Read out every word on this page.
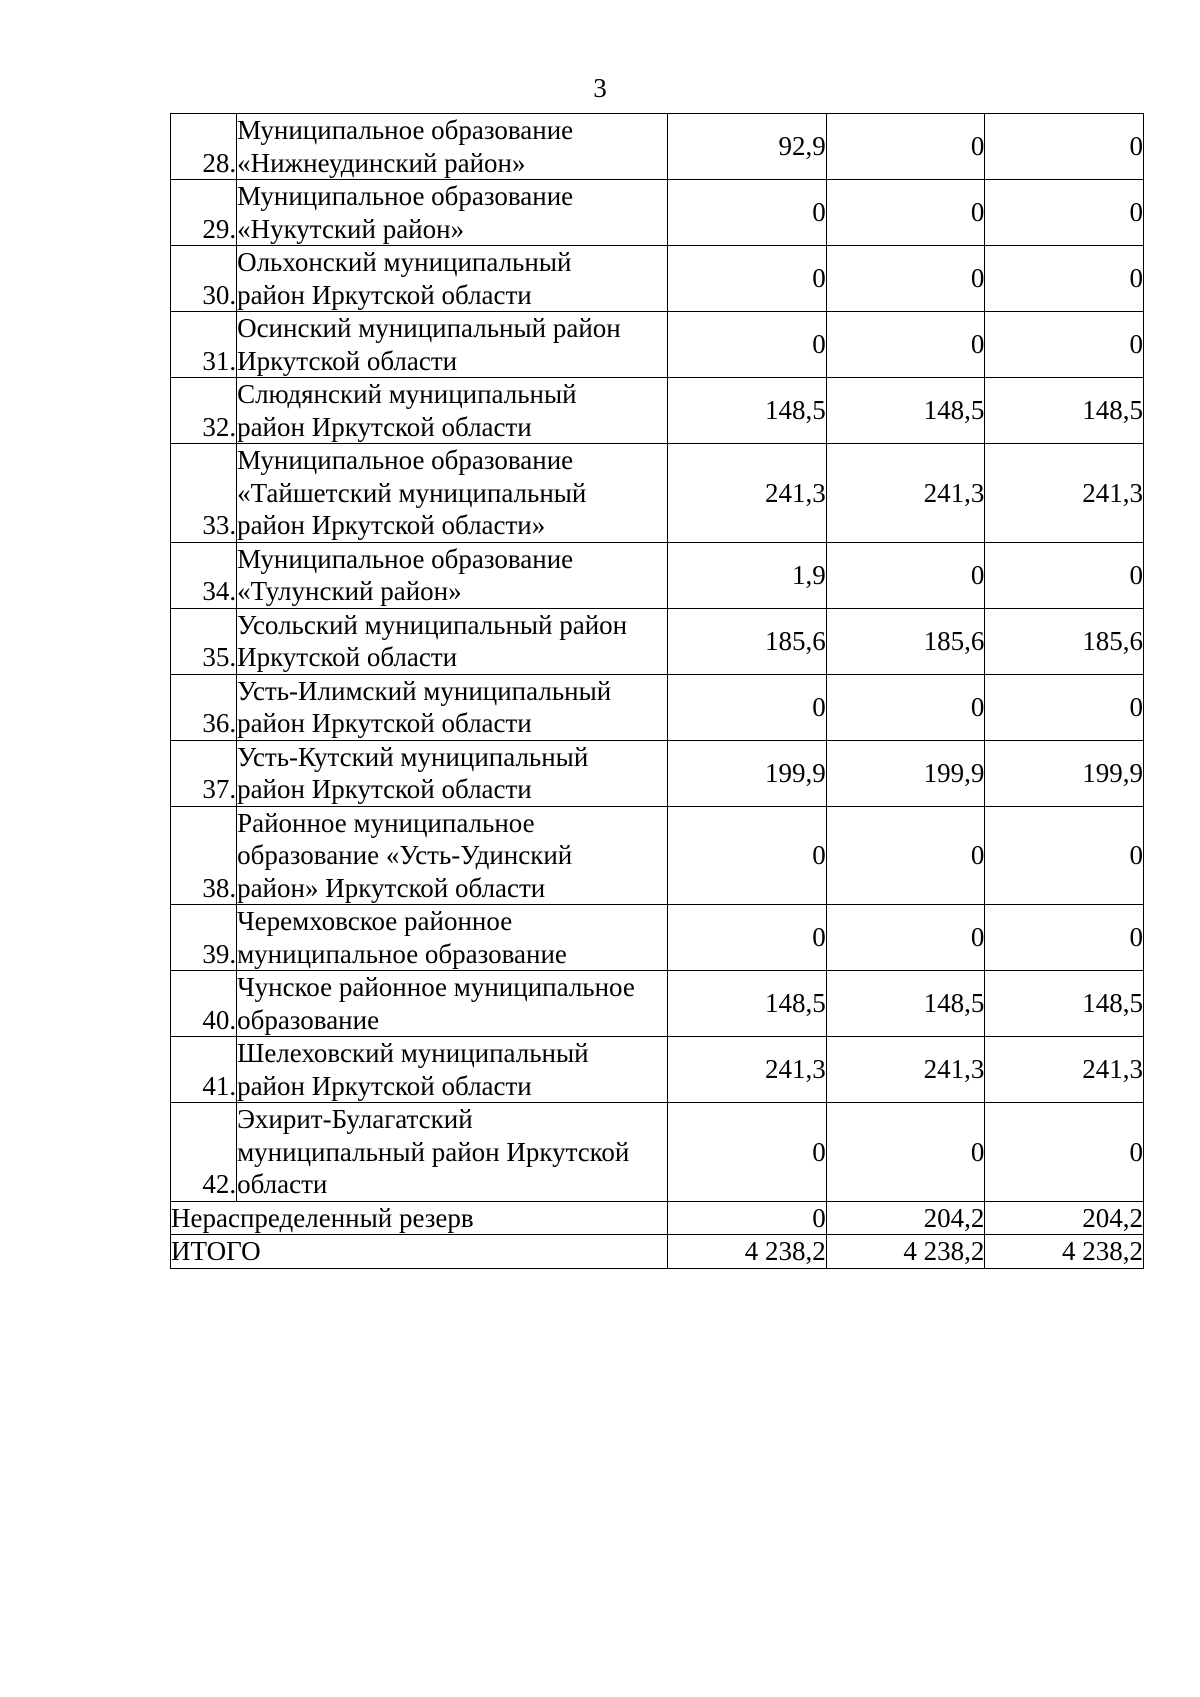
3
28.	Муниципальное образование
«Нижнеудинский район»	92,9	0	0
29.	Муниципальное образование
«Нукутский район»	0	0	0
30.	Ольхонский муниципальный
район Иркутской области	0	0	0
31.	Осинский муниципальный район
Иркутской области	0	0	0
32.	Слюдянский муниципальный
район Иркутской области	148,5	148,5	148,5
33.	Муниципальное образование
«Тайшетский муниципальный
район Иркутской области»	241,3	241,3	241,3
34.	Муниципальное образование
«Тулунский район»	1,9	0	0
35.	Усольский муниципальный район
Иркутской области	185,6	185,6	185,6
36.	Усть-Илимский муниципальный
район Иркутской области	0	0	0
37.	Усть-Кутский муниципальный
район Иркутской области	199,9	199,9	199,9
38.	Районное муниципальное
образование «Усть-Удинский
район» Иркутской области	0	0	0
39.	Черемховское районное
муниципальное образование	0	0	0
40.	Чунское районное муниципальное
образование	148,5	148,5	148,5
41.	Шелеховский муниципальный
район Иркутской области	241,3	241,3	241,3
42.	Эхирит-Булагатский
муниципальный район Иркутской
области	0	0	0
Нераспределенный резерв		0	204,2	204,2
ИТОГО		4 238,2	4 238,2	4 238,2
